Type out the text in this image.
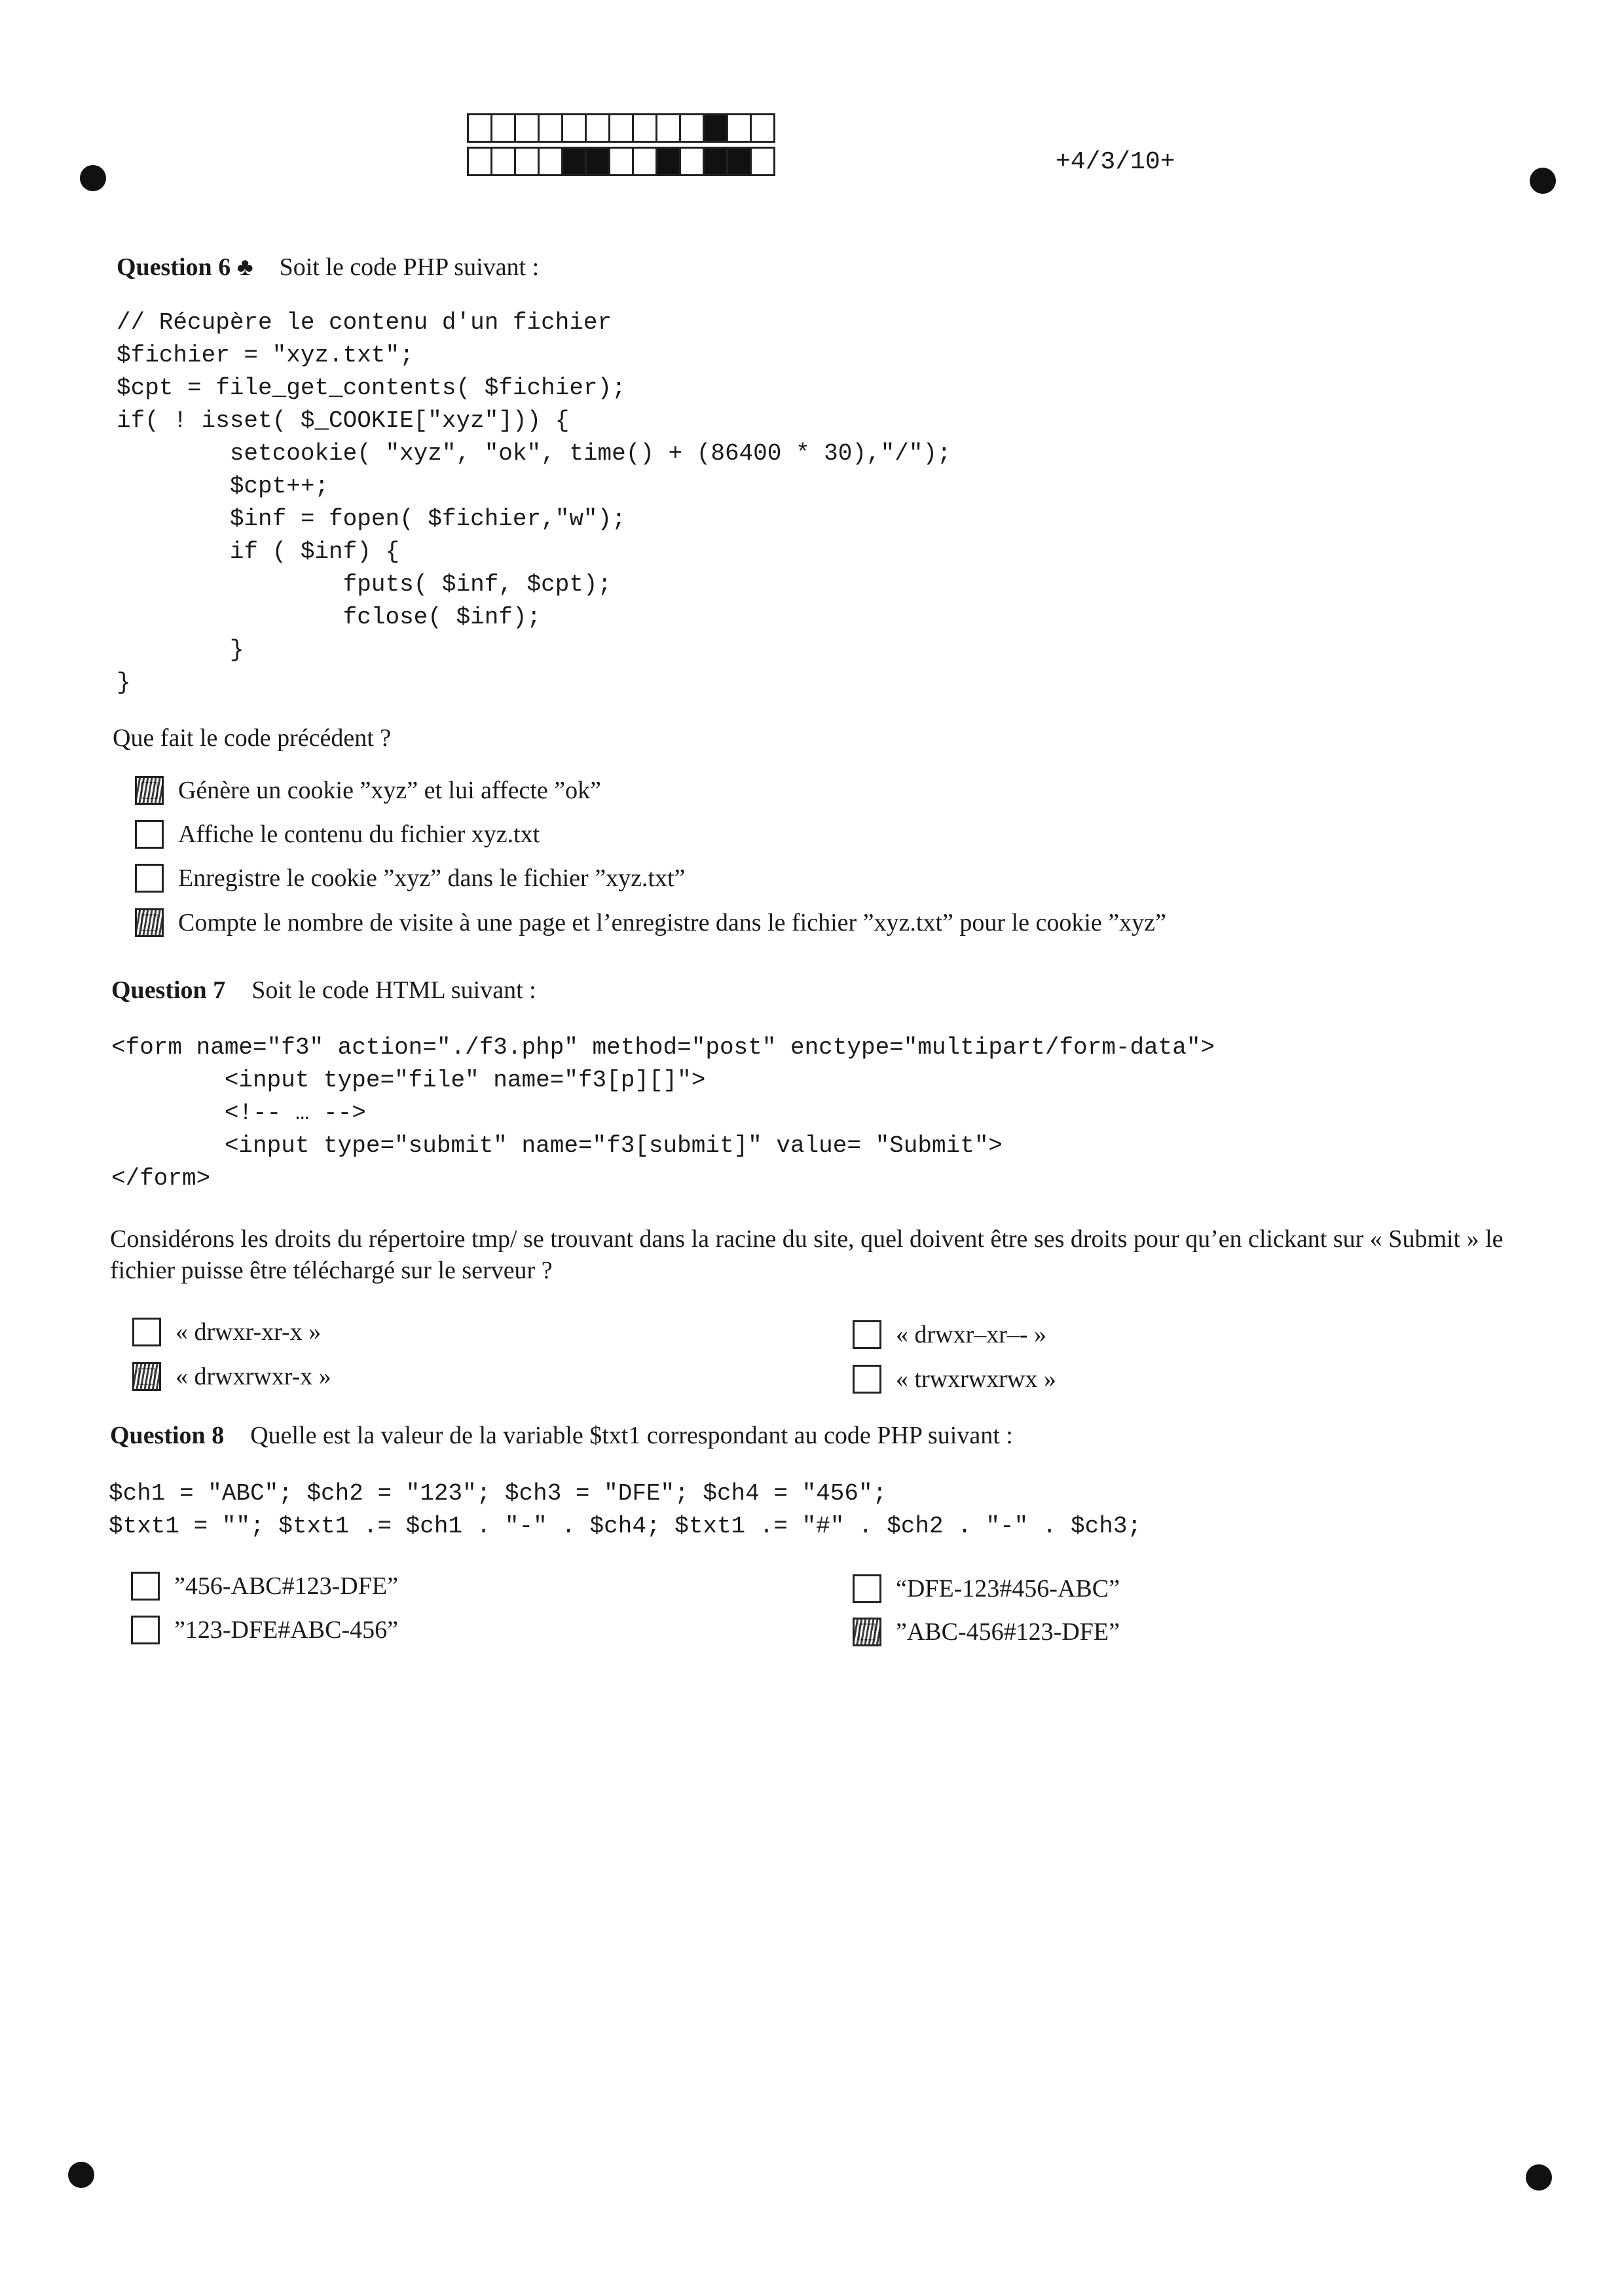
+4/3/10+
Question 6 ♣ Soit le code PHP suivant :
// Récupère le contenu d'un fichier
$fichier = "xyz.txt";
$cpt = file_get_contents( $fichier);
if( ! isset( $_COOKIE["xyz"])) {
setcookie( "xyz", "ok", time() + (86400 * 30),"/");
$cpt++;
$inf = fopen( $fichier,"w");
if ( $inf) {
fputs( $inf, $cpt);
fclose( $inf);
}
}
Que fait le code précédent ?
Génère un cookie ”xyz” et lui affecte ”ok”
Affiche le contenu du fichier xyz.txt
Enregistre le cookie ”xyz” dans le fichier ”xyz.txt”
Compte le nombre de visite à une page et l’enregistre dans le fichier ”xyz.txt” pour le cookie ”xyz”
Question 7 Soit le code HTML suivant :
<form name="f3" action="./f3.php" method="post" enctype="multipart/form-data">
<input type="file" name="f3[p][]">
<!-- … -->
<input type="submit" name="f3[submit]" value= "Submit">
</form>
Considérons les droits du répertoire tmp/ se trouvant dans la racine du site, quel doivent être ses droits pour qu’en clickant sur « Submit » le fichier puisse être téléchargé sur le serveur ?
« drwxr-xr-x »	« drwxr–xr–- »
« drwxrwxr-x »	« trwxrwxrwx »
Question 8 Quelle est la valeur de la variable $txt1 correspondant au code PHP suivant :
$ch1 = "ABC"; $ch2 = "123"; $ch3 = "DFE"; $ch4 = "456";
$txt1 = ""; $txt1 .= $ch1 . "-" . $ch4; $txt1 .= "#" . $ch2 . "-" . $ch3;
”456-ABC#123-DFE”	“DFE-123#456-ABC”
”123-DFE#ABC-456”	”ABC-456#123-DFE”
